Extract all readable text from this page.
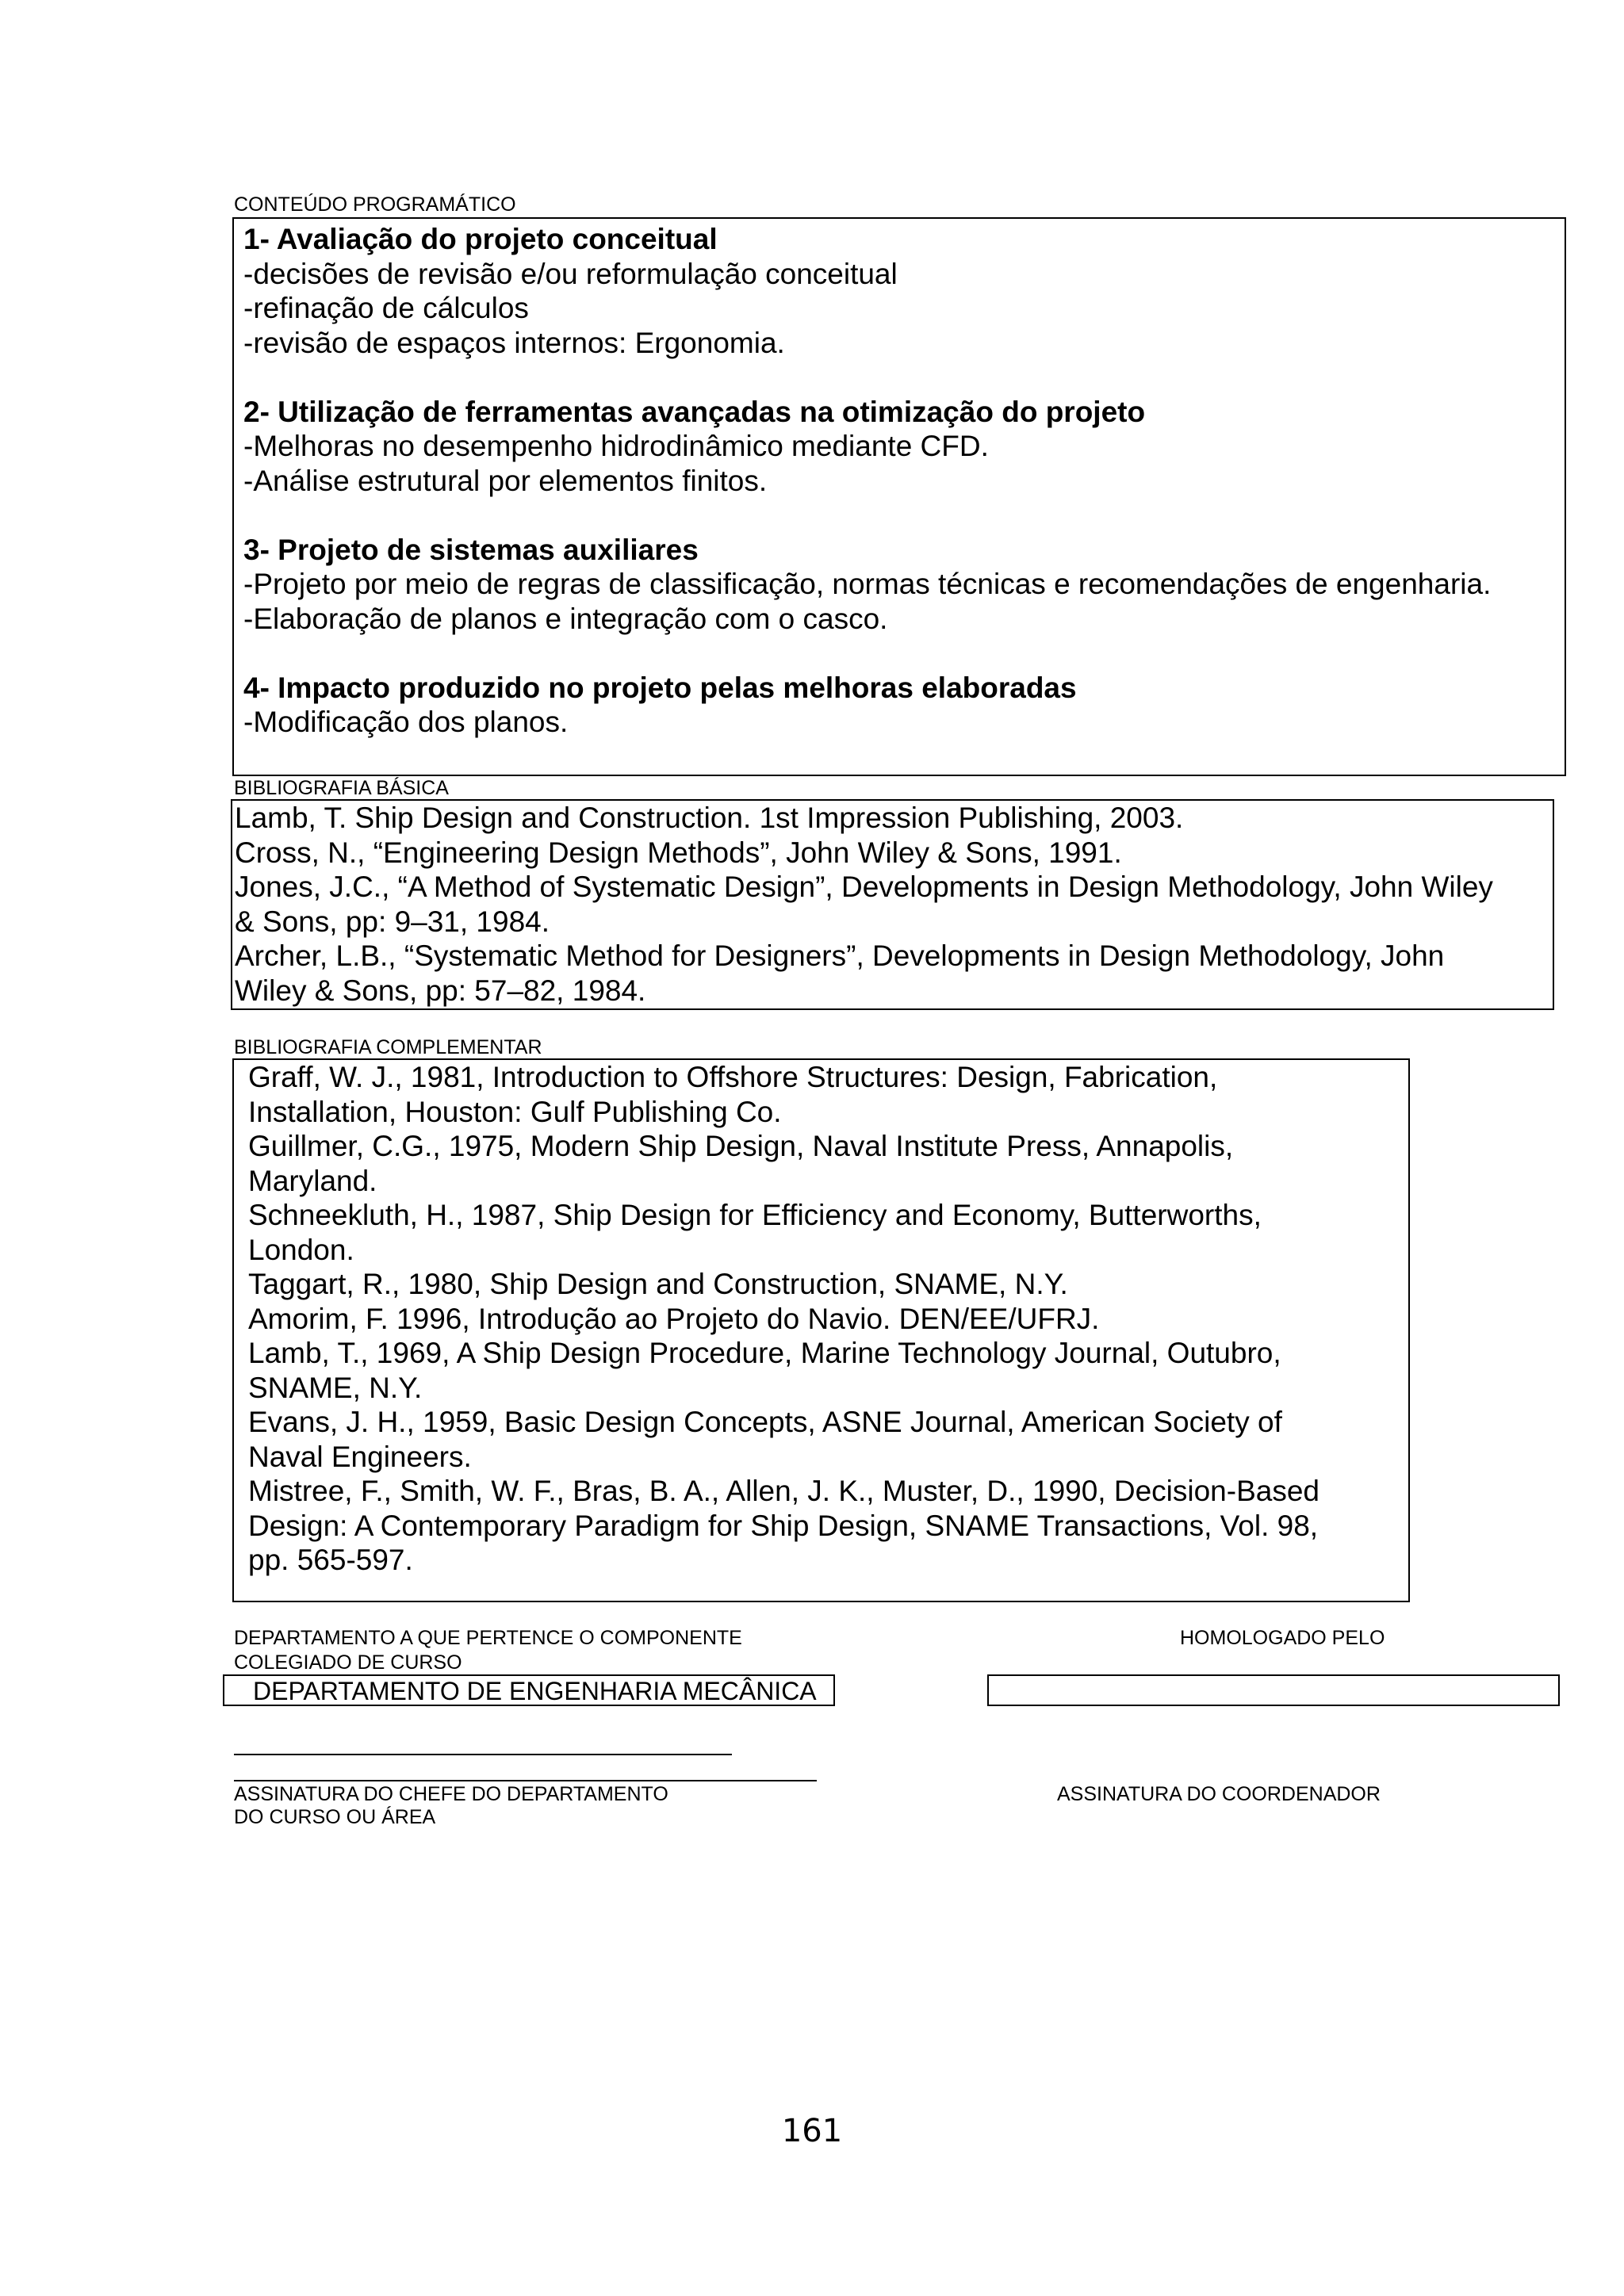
CONTEÚDO PROGRAMÁTICO
1- Avaliação do projeto conceitual
-decisões de revisão e/ou reformulação conceitual
-refinação de cálculos
-revisão de espaços internos: Ergonomia.
2- Utilização de ferramentas avançadas na otimização do projeto
-Melhoras no desempenho hidrodinâmico mediante CFD.
-Análise estrutural por elementos finitos.
3- Projeto de sistemas auxiliares
-Projeto por meio de regras de classificação, normas técnicas e recomendações de engenharia.
-Elaboração de planos e integração com o casco.
4- Impacto produzido no projeto pelas melhoras elaboradas
-Modificação dos planos.
BIBLIOGRAFIA BÁSICA
Lamb, T. Ship Design and Construction. 1st Impression Publishing, 2003.
Cross, N., “Engineering Design Methods”, John Wiley & Sons, 1991.
Jones, J.C., “A Method of Systematic Design”, Developments in Design Methodology, John Wiley
& Sons, pp: 9–31, 1984.
Archer, L.B., “Systematic Method for Designers”, Developments in Design Methodology, John
Wiley & Sons, pp: 57–82, 1984.
BIBLIOGRAFIA COMPLEMENTAR
Graff, W. J., 1981, Introduction to Offshore Structures: Design, Fabrication,
Installation, Houston: Gulf Publishing Co.
Guillmer, C.G., 1975, Modern Ship Design, Naval Institute Press, Annapolis,
Maryland.
Schneekluth, H., 1987, Ship Design for Efficiency and Economy, Butterworths,
London.
Taggart, R., 1980, Ship Design and Construction, SNAME, N.Y.
Amorim, F. 1996, Introdução ao Projeto do Navio. DEN/EE/UFRJ.
Lamb, T., 1969, A Ship Design Procedure, Marine Technology Journal, Outubro,
SNAME, N.Y.
Evans, J. H., 1959, Basic Design Concepts, ASNE Journal, American Society of
Naval Engineers.
Mistree, F., Smith, W. F., Bras, B. A., Allen, J. K., Muster, D., 1990, Decision-Based
Design: A Contemporary Paradigm for Ship Design, SNAME Transactions, Vol. 98,
pp. 565-597.
DEPARTAMENTO A QUE PERTENCE O COMPONENTE	HOMOLOGADO PELO
COLEGIADO DE CURSO
DEPARTAMENTO DE ENGENHARIA MECÂNICA
ASSINATURA DO CHEFE DO DEPARTAMENTO	ASSINATURA DO COORDENADOR
DO CURSO OU ÁREA
161
